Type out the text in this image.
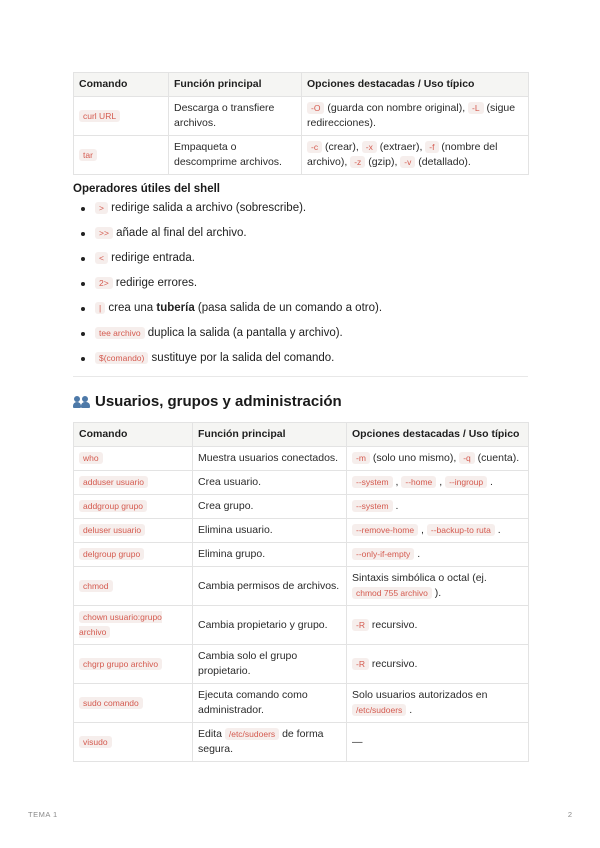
Comando	Función principal	Opciones destacadas / Uso típico
curl URL	Descarga o transfiere archivos.	-O (guarda con nombre original), -L (sigue redirecciones).
tar	Empaqueta o descomprime archivos.	-c (crear), -x (extraer), -f (nombre del archivo), -z (gzip), -v (detallado).
Operadores útiles del shell
> redirige salida a archivo (sobrescribe).
>> añade al final del archivo.
< redirige entrada.
2> redirige errores.
| crea una tubería (pasa salida de un comando a otro).
tee archivo duplica la salida (a pantalla y archivo).
$(comando) sustituye por la salida del comando.
Usuarios, grupos y administración
Comando	Función principal	Opciones destacadas / Uso típico
who	Muestra usuarios conectados.	-m (solo uno mismo), -q (cuenta).
adduser usuario	Crea usuario.	--system , --home , --ingroup .
addgroup grupo	Crea grupo.	--system .
deluser usuario	Elimina usuario.	--remove-home , --backup-to ruta .
delgroup grupo	Elimina grupo.	--only-if-empty .
chmod	Cambia permisos de archivos.	Sintaxis simbólica o octal (ej. chmod 755 archivo ).
chown usuario:grupo archivo	Cambia propietario y grupo.	-R recursivo.
chgrp grupo archivo	Cambia solo el grupo propietario.	-R recursivo.
sudo comando	Ejecuta comando como administrador.	Solo usuarios autorizados en /etc/sudoers .
visudo	Edita /etc/sudoers de forma segura.	—
TEMA 1	2
